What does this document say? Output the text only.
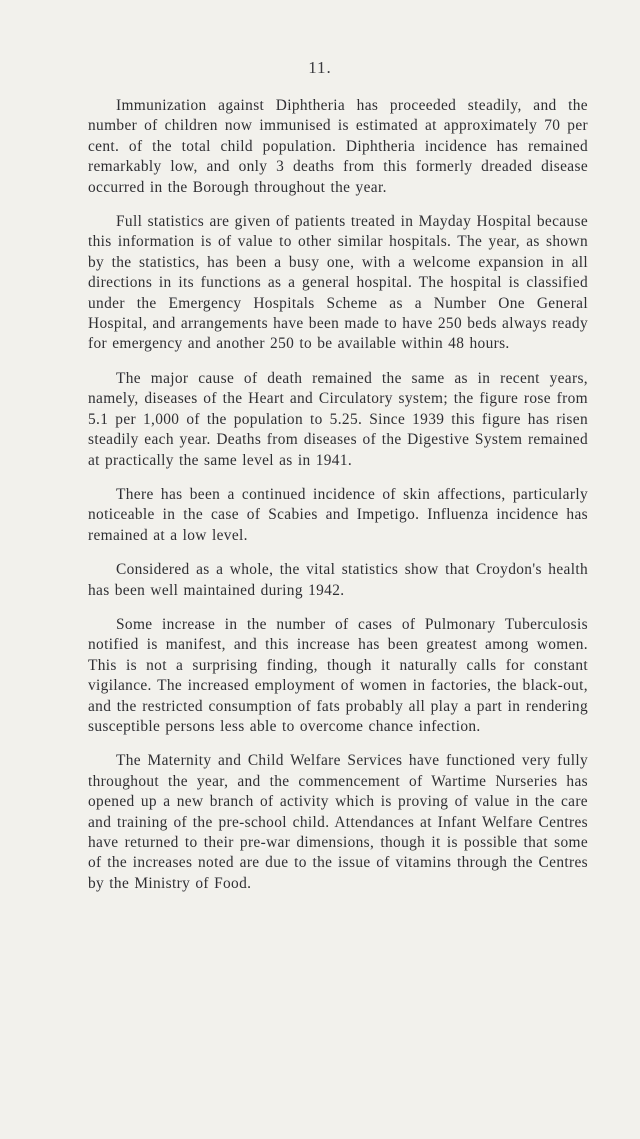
11.

Immunization against Diphtheria has proceeded steadily, and the number of children now immunised is estimated at approximately 70 per cent. of the total child population. Diphtheria incidence has remained remarkably low, and only 3 deaths from this formerly dreaded disease occurred in the Borough throughout the year.

Full statistics are given of patients treated in Mayday Hospital because this information is of value to other similar hospitals. The year, as shown by the statistics, has been a busy one, with a welcome expansion in all directions in its functions as a general hospital. The hospital is classified under the Emergency Hospitals Scheme as a Number One General Hospital, and arrangements have been made to have 250 beds always ready for emergency and another 250 to be available within 48 hours.

The major cause of death remained the same as in recent years, namely, diseases of the Heart and Circulatory system; the figure rose from 5.1 per 1,000 of the population to 5.25. Since 1939 this figure has risen steadily each year. Deaths from diseases of the Digestive System remained at practically the same level as in 1941.

There has been a continued incidence of skin affections, particularly noticeable in the case of Scabies and Impetigo. Influenza incidence has remained at a low level.

Considered as a whole, the vital statistics show that Croydon's health has been well maintained during 1942.

Some increase in the number of cases of Pulmonary Tuberculosis notified is manifest, and this increase has been greatest among women. This is not a surprising finding, though it naturally calls for constant vigilance. The increased employment of women in factories, the black-out, and the restricted consumption of fats probably all play a part in rendering susceptible persons less able to overcome chance infection.

The Maternity and Child Welfare Services have functioned very fully throughout the year, and the commencement of Wartime Nurseries has opened up a new branch of activity which is proving of value in the care and training of the pre-school child. Attendances at Infant Welfare Centres have returned to their pre-war dimensions, though it is possible that some of the increases noted are due to the issue of vitamins through the Centres by the Ministry of Food.
